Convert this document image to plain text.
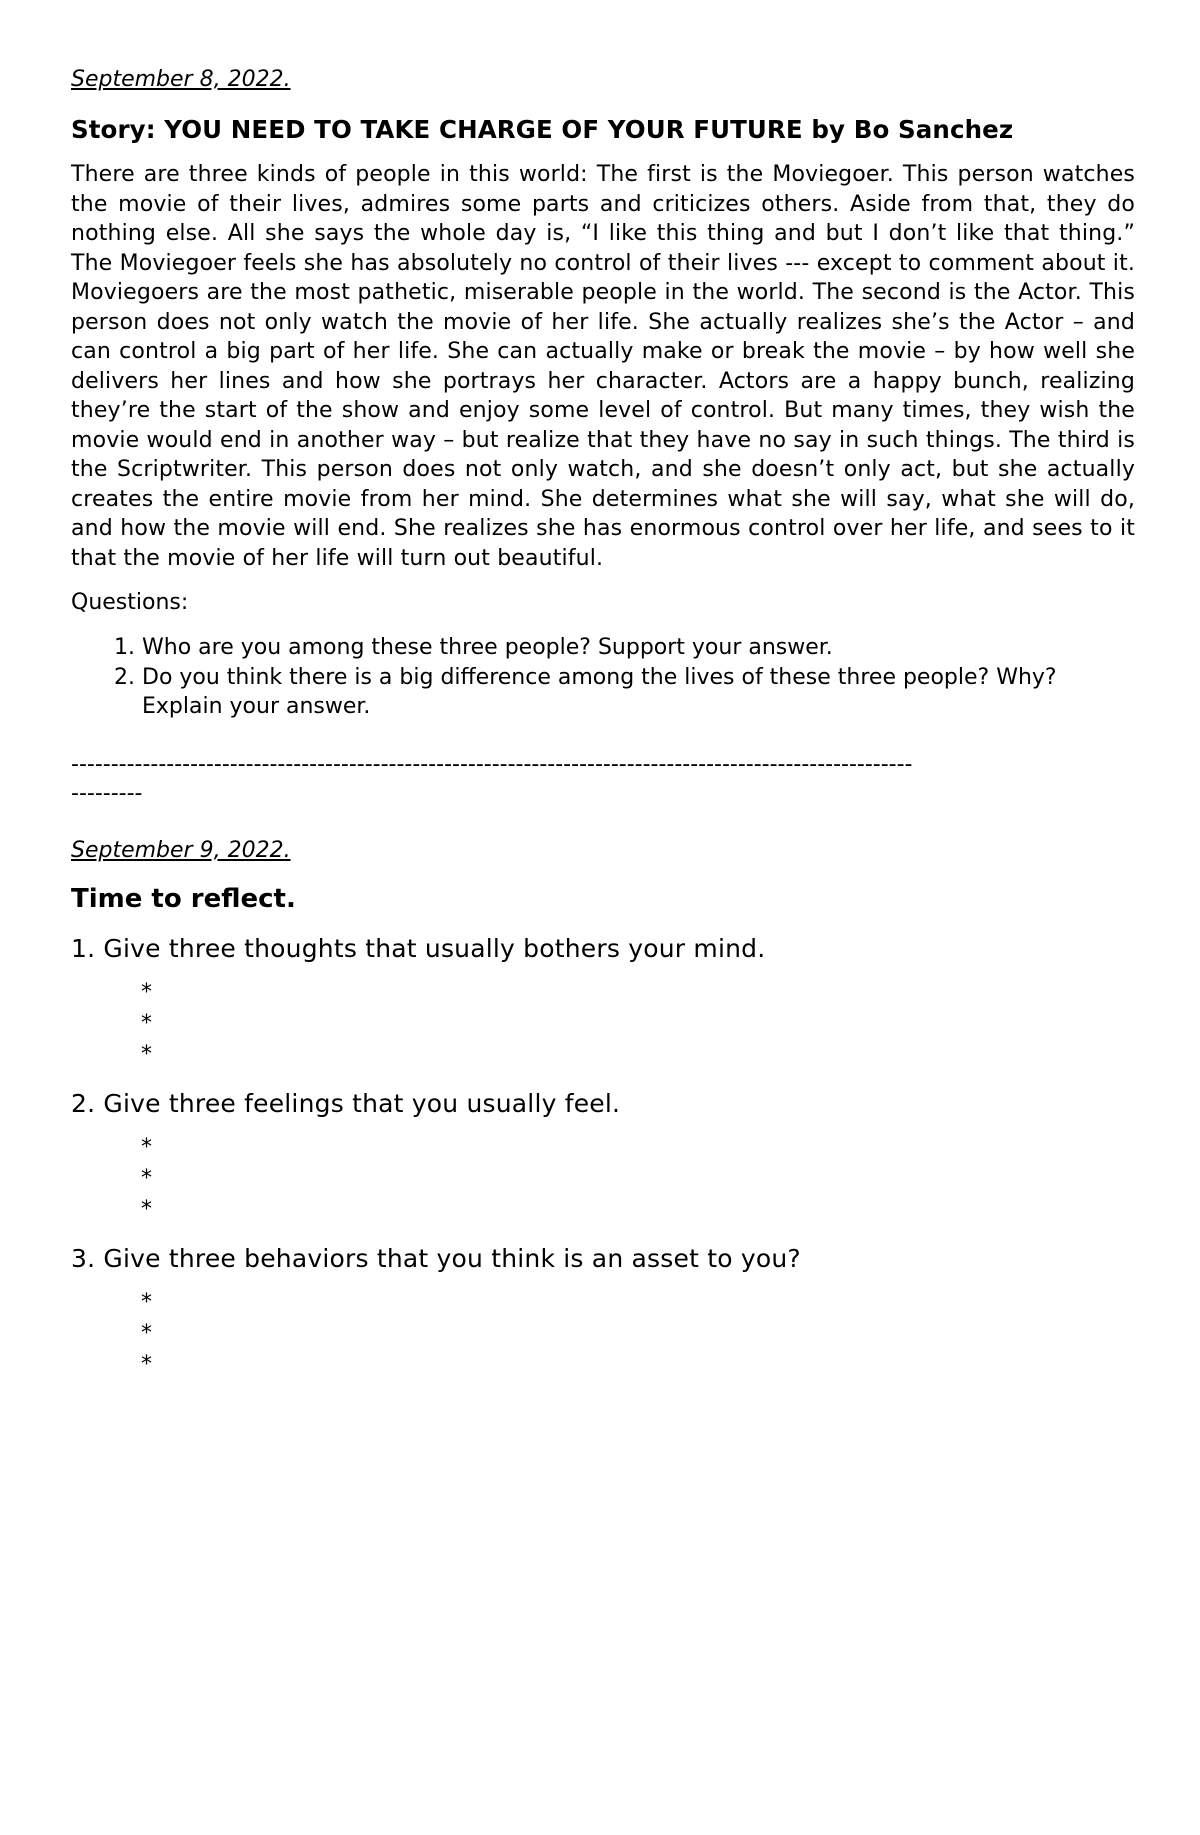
September 8, 2022.

Story: YOU NEED TO TAKE CHARGE OF YOUR FUTURE by Bo Sanchez

There are three kinds of people in this world: The first is the Moviegoer. This person watches the movie of their lives, admires some parts and criticizes others. Aside from that, they do nothing else. All she says the whole day is, “I like this thing and but I don’t like that thing.” The Moviegoer feels she has absolutely no control of their lives --- except to comment about it. Moviegoers are the most pathetic, miserable people in the world. The second is the Actor. This person does not only watch the movie of her life. She actually realizes she’s the Actor – and can control a big part of her life. She can actually make or break the movie – by how well she delivers her lines and how she portrays her character. Actors are a happy bunch, realizing they’re the start of the show and enjoy some level of control. But many times, they wish the movie would end in another way – but realize that they have no say in such things. The third is the Scriptwriter. This person does not only watch, and she doesn’t only act, but she actually creates the entire movie from her mind. She determines what she will say, what she will do, and how the movie will end. She realizes she has enormous control over her life, and sees to it that the movie of her life will turn out beautiful.

Questions:

1. Who are you among these three people? Support your answer.
2. Do you think there is a big difference among the lives of these three people? Why? Explain your answer.

----------------------------------------------------------------------------------------------------------

---------

September 9, 2022.

Time to reflect.

1. Give three thoughts that usually bothers your mind.

*
*
*

2. Give three feelings that you usually feel.

*
*
*

3. Give three behaviors that you think is an asset to you?

*
*
*
